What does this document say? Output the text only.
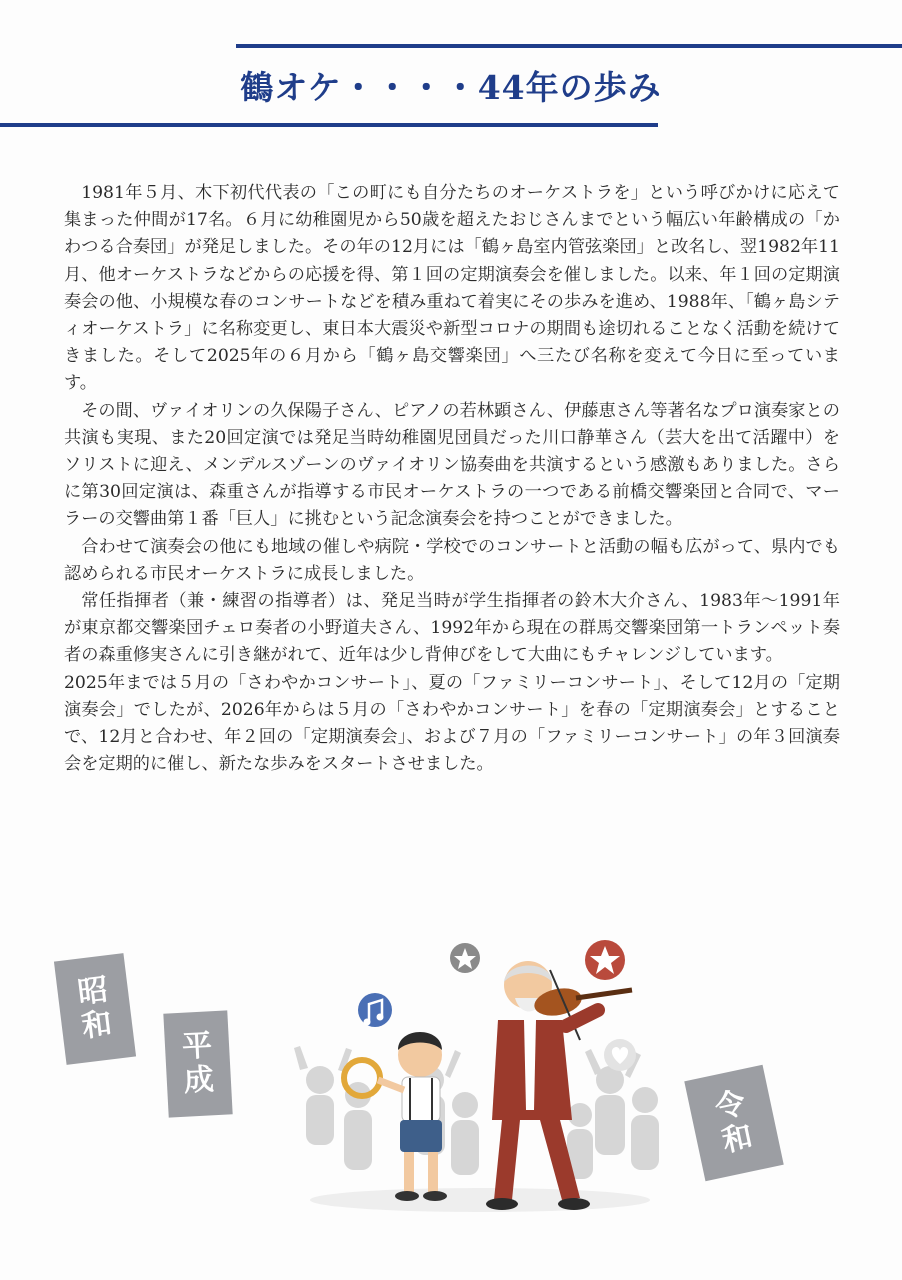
鶴オケ・・・・44年の歩み

1981年５月、木下初代代表の「この町にも自分たちのオーケストラを」という呼びかけに応えて集まった仲間が17名。６月に幼稚園児から50歳を超えたおじさんまでという幅広い年齢構成の「かわつる合奏団」が発足しました。その年の12月には「鶴ヶ島室内管弦楽団」と改名し、翌1982年11月、他オーケストラなどからの応援を得、第１回の定期演奏会を催しました。以来、年１回の定期演奏会の他、小規模な春のコンサートなどを積み重ねて着実にその歩みを進め、1988年、「鶴ヶ島シティオーケストラ」に名称変更し、東日本大震災や新型コロナの期間も途切れることなく活動を続けてきました。そして2025年の６月から「鶴ヶ島交響楽団」へ三たび名称を変えて今日に至っています。

その間、ヴァイオリンの久保陽子さん、ピアノの若林顕さん、伊藤恵さん等著名なプロ演奏家との共演も実現、また20回定演では発足当時幼稚園児団員だった川口静華さん（芸大を出て活躍中）をソリストに迎え、メンデルスゾーンのヴァイオリン協奏曲を共演するという感激もありました。さらに第30回定演は、森重さんが指導する市民オーケストラの一つである前橋交響楽団と合同で、マーラーの交響曲第１番「巨人」に挑むという記念演奏会を持つことができました。

合わせて演奏会の他にも地域の催しや病院・学校でのコンサートと活動の幅も広がって、県内でも認められる市民オーケストラに成長しました。

常任指揮者（兼・練習の指導者）は、発足当時が学生指揮者の鈴木大介さん、1983年〜1991年が東京都交響楽団チェロ奏者の小野道夫さん、1992年から現在の群馬交響楽団第一トランペット奏者の森重修実さんに引き継がれて、近年は少し背伸びをして大曲にもチャレンジしています。

2025年までは５月の「さわやかコンサート」、夏の「ファミリーコンサート」、そして12月の「定期演奏会」でしたが、2026年からは５月の「さわやかコンサート」を春の「定期演奏会」とすることで、12月と合わせ、年２回の「定期演奏会」、および７月の「ファミリーコンサート」の年３回演奏会を定期的に催し、新たな歩みをスタートさせました。

昭
和
平
成
令
和
